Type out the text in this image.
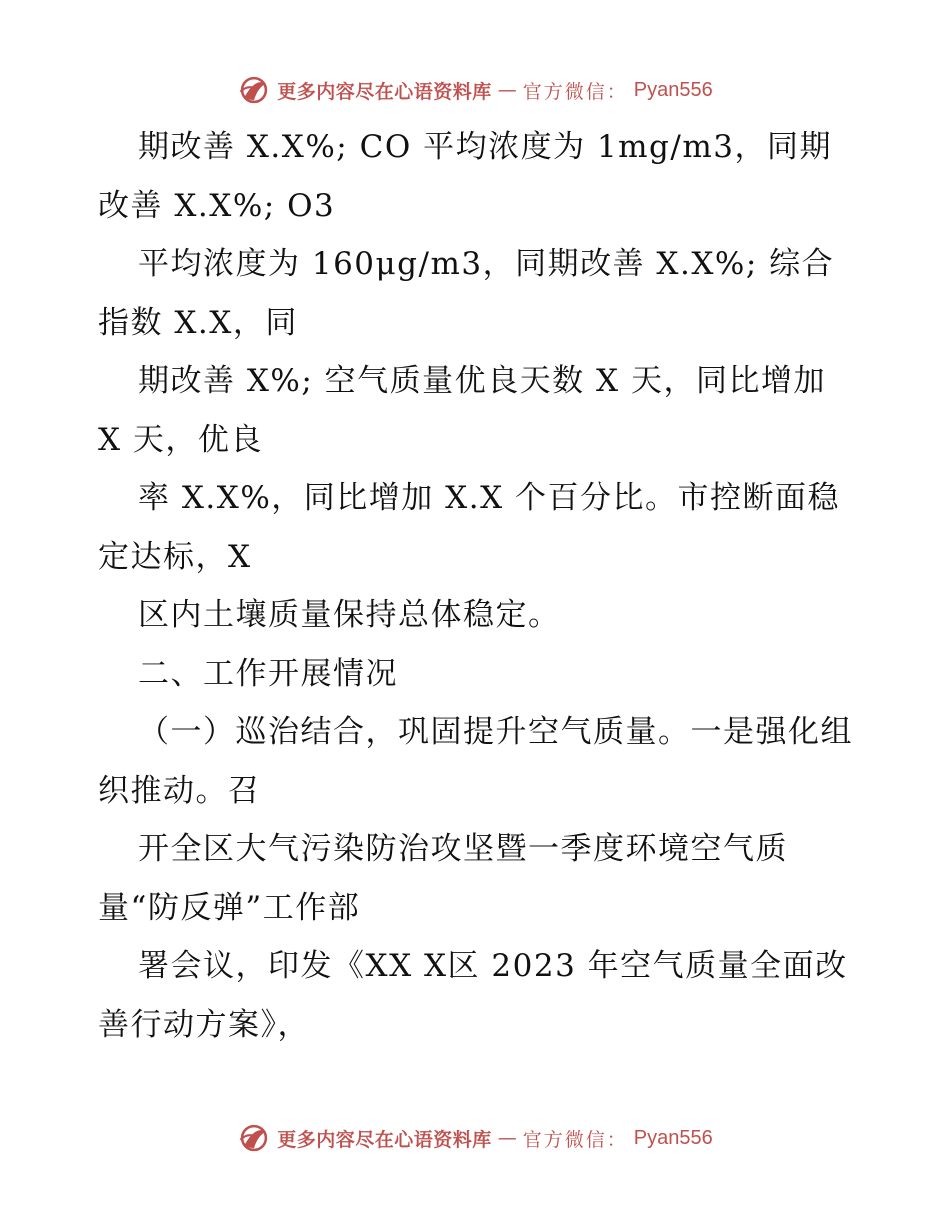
更多内容尽在心语资料库 — 官方微信： Pyan556

期改善 X.X%; CO 平均浓度为 1mg/m3，同期改善 X.X%; O3

平均浓度为 160μg/m3，同期改善 X.X%; 综合指数 X.X，同

期改善 X%; 空气质量优良天数 X 天，同比增加 X 天，优良

率 X.X%，同比增加 X.X 个百分比。市控断面稳定达标，X

区内土壤质量保持总体稳定。

二、工作开展情况

（一）巡治结合，巩固提升空气质量。一是强化组织推动。召

开全区大气污染防治攻坚暨一季度环境空气质量“防反弹”工作部

署会议，印发《XX X区 2023 年空气质量全面改善行动方案》，

更多内容尽在心语资料库 — 官方微信： Pyan556
